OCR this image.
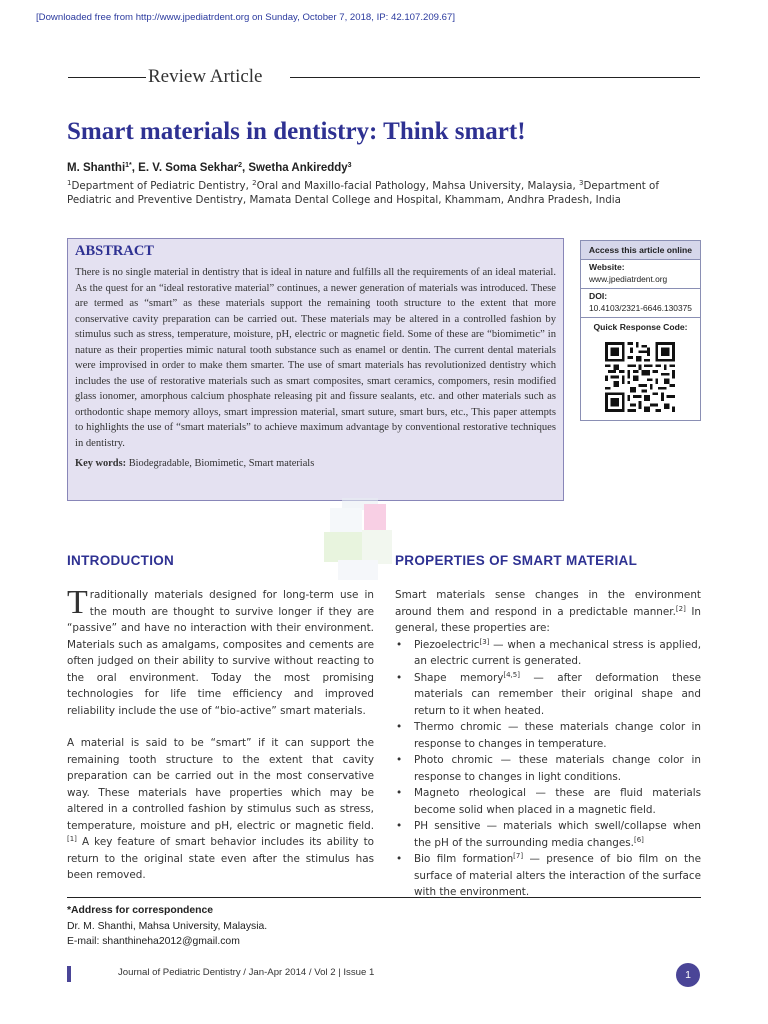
[Downloaded free from http://www.jpediatrdent.org on Sunday, October 7, 2018, IP: 42.107.209.67]
Review Article
Smart materials in dentistry: Think smart!
M. Shanthi$^{1*}$, E. V. Soma Sekhar$^2$, Swetha Ankireddy$^3$
$^1$Department of Pediatric Dentistry, $^2$Oral and Maxillo-facial Pathology, Mahsa University, Malaysia, $^3$Department of Pediatric and Preventive Dentistry, Mamata Dental College and Hospital, Khammam, Andhra Pradesh, India
ABSTRACT
There is no single material in dentistry that is ideal in nature and fulfills all the requirements of an ideal material. As the quest for an “ideal restorative material” continues, a newer generation of materials was introduced. These are termed as “smart” as these materials support the remaining tooth structure to the extent that more conservative cavity preparation can be carried out. These materials may be altered in a controlled fashion by stimulus such as stress, temperature, moisture, pH, electric or magnetic field. Some of these are “biomimetic” in nature as their properties mimic natural tooth substance such as enamel or dentin. The current dental materials were improvised in order to make them smarter. The use of smart materials has revolutionized dentistry which includes the use of restorative materials such as smart composites, smart ceramics, compomers, resin modified glass ionomer, amorphous calcium phosphate releasing pit and fissure sealants, etc. and other materials such as orthodontic shape memory alloys, smart impression material, smart suture, smart burs, etc., This paper attempts to highlights the use of “smart materials” to achieve maximum advantage by conventional restorative techniques in dentistry.
Key words: Biodegradable, Biomimetic, Smart materials
Access this article online
Website:
www.jpediatrdent.org
DOI:
10.4103/2321-6646.130375
Quick Response Code:
INTRODUCTION	PROPERTIES OF SMART MATERIAL

Traditionally materials designed for long-term use in the mouth are thought to survive longer if they are “passive” and have no interaction with their environment. Materials such as amalgams, composites and cements are often judged on their ability to survive without reacting to the oral environment. Today the most promising technologies for life time efficiency and improved reliability include the use of “bio-active” smart materials.

A material is said to be “smart” if it can support the remaining tooth structure to the extent that cavity preparation can be carried out in the most conservative way. These materials have properties which may be altered in a controlled fashion by stimulus such as stress, temperature, moisture and pH, electric or magnetic field.[1] A key feature of smart behavior includes its ability to return to the original state even after the stimulus has been removed.

Smart materials sense changes in the environment around them and respond in a predictable manner.[2] In general, these properties are:

• Piezoelectric[3] — when a mechanical stress is applied, an electric current is generated.
• Shape memory[4,5] — after deformation these materials can remember their original shape and return to it when heated.
• Thermo chromic — these materials change color in response to changes in temperature.
• Photo chromic — these materials change color in response to changes in light conditions.
• Magneto rheological — these are fluid materials become solid when placed in a magnetic field.
• PH sensitive — materials which swell/collapse when the pH of the surrounding media changes.[6]
• Bio film formation[7] — presence of bio film on the surface of material alters the interaction of the surface with the environment.
*Address for correspondence
Dr. M. Shanthi, Mahsa University, Malaysia.
E-mail: shanthineha2012@gmail.com
Journal of Pediatric Dentistry / Jan-Apr 2014 / Vol 2 | Issue 1	1
